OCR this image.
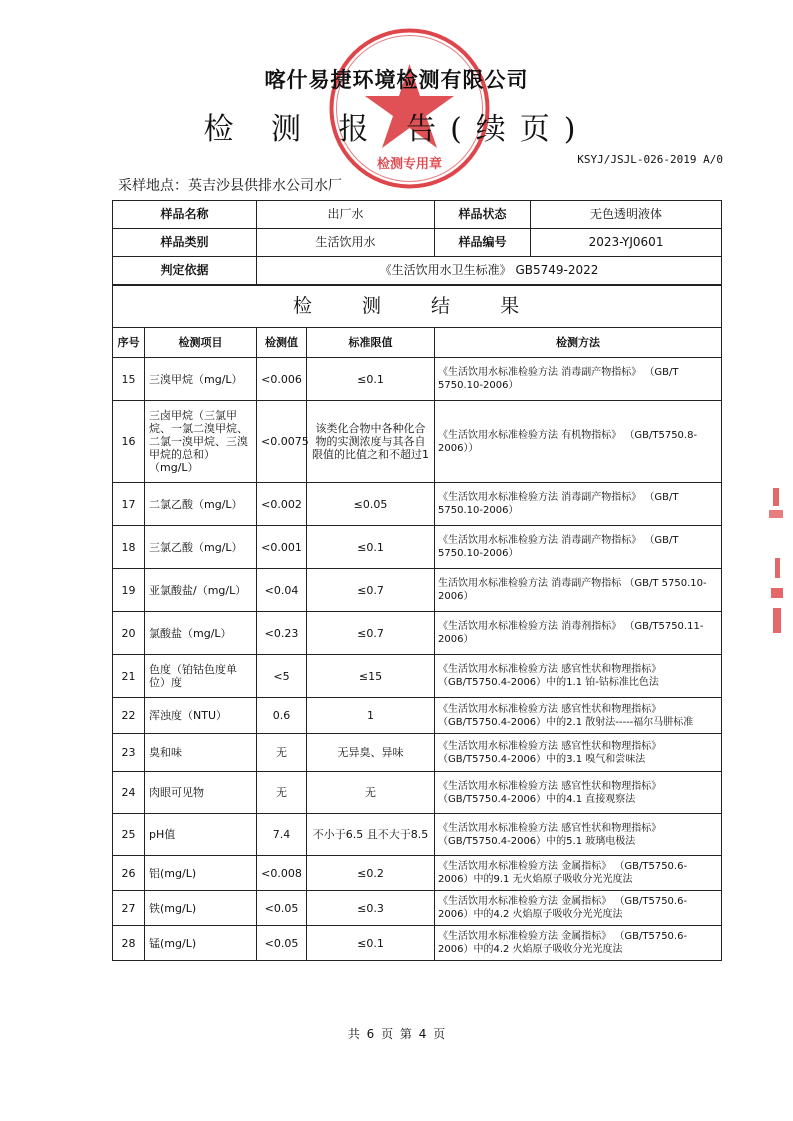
检测专用章
喀什易捷环境检测有限公司
检 测 报 告(续页)
KSYJ/JSJL-026-2019 A/0
采样地点：英吉沙县供排水公司水厂
样品名称		出厂水		样品状态 无色透明液体

样品类别		生活饮用水		样品编号 2023-YJ0601

判定依据		《生活饮用水卫生标准》 GB5749-2022		
检 测 结 果				
序号	检测项目	检测值	标准限值	检测方法
15	三溴甲烷（mg/L）	<0.006	≤0.1	《生活饮用水标准检验方法 消毒副产物指标》 （GB/T 5750.10-2006）
16	三卤甲烷（三氯甲烷、一氯二溴甲烷、二氯一溴甲烷、三溴甲烷的总和）（mg/L）	<0.0075	该类化合物中各种化合物的实测浓度与其各自限值的比值之和不超过1	《生活饮用水标准检验方法 有机物指标》 （GB/T5750.8-2006））
17	二氯乙酸（mg/L）	<0.002	≤0.05	《生活饮用水标准检验方法 消毒副产物指标》 （GB/T 5750.10-2006）
18	三氯乙酸（mg/L）	<0.001	≤0.1	《生活饮用水标准检验方法 消毒副产物指标》 （GB/T 5750.10-2006）
19	亚氯酸盐/（mg/L）	<0.04	≤0.7	生活饮用水标准检验方法 消毒副产物指标 （GB/T 5750.10-2006）
20	氯酸盐（mg/L）	<0.23	≤0.7	《生活饮用水标准检验方法 消毒剂指标》 （GB/T5750.11-2006）
21	色度（铂钴色度单位）度	<5	≤15	《生活饮用水标准检验方法 感官性状和物理指标》 （GB/T5750.4-2006）中的1.1 铂-钴标准比色法
22	浑浊度（NTU）	0.6	1	《生活饮用水标准检验方法 感官性状和物理指标》 （GB/T5750.4-2006）中的2.1 散射法-----福尔马肼标准
23	臭和味	无	无异臭、异味	《生活饮用水标准检验方法 感官性状和物理指标》 （GB/T5750.4-2006）中的3.1 嗅气和尝味法
24	肉眼可见物	无	无	《生活饮用水标准检验方法 感官性状和物理指标》 （GB/T5750.4-2006）中的4.1 直接观察法
25	pH值	7.4	不小于6.5 且不大于8.5	《生活饮用水标准检验方法 感官性状和物理指标》 （GB/T5750.4-2006）中的5.1 玻璃电极法
26	铝(mg/L)	<0.008	≤0.2	《生活饮用水标准检验方法 金属指标》 （GB/T5750.6-2006）中的9.1 无火焰原子吸收分光光度法
27	铁(mg/L)	<0.05	≤0.3	《生活饮用水标准检验方法 金属指标》 （GB/T5750.6-2006）中的4.2 火焰原子吸收分光光度法
28	锰(mg/L)	<0.05	≤0.1	《生活饮用水标准检验方法 金属指标》 （GB/T5750.6-2006）中的4.2 火焰原子吸收分光光度法
共 6 页 第 4 页
